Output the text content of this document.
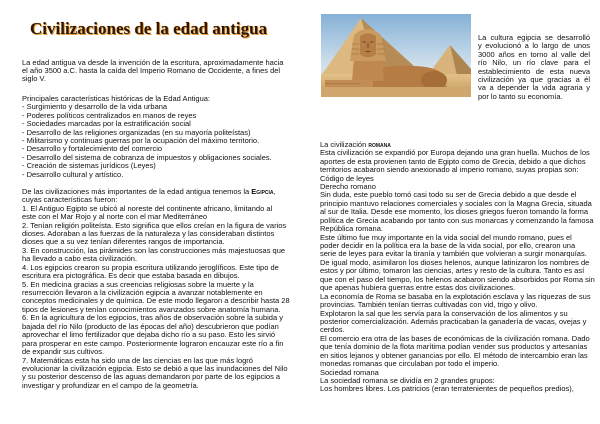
Civilizaciones de la edad antigua
La edad antigua va desde la invención de la escritura, aproximadamente hacia
el año 3500 a.C. hasta la caída del Imperio Romano de Occidente, a fines del
siglo V.
Principales características históricas de la Edad Antigua:
- Surgimiento y desarrollo de la vida urbana
- Poderes políticos centralizados en manos de reyes
- Sociedades marcadas por la estratificación social
- Desarrollo de las religiones organizadas (en su mayoría politeístas)
- Militarismo y continuas guerras por la ocupación del máximo territorio.
- Desarrollo y fortalecimiento del comercio
- Desarrollo del sistema de cobranza de impuestos y obligaciones sociales.
- Creación de sistemas jurídicos (Leyes)
- Desarrollo cultural y artístico.
De las civilizaciones más importantes de la edad antigua tenemos la Egipcia,
cuyas características fueron:
1. El Antiguo Egipto se ubicó al noreste del continente africano, limitando al
este con el Mar Rojo y al norte con el mar Mediterráneo
2. Tenían religión politeísta. Esto significa que ellos creían en la figura de varios
dioses. Adoraban a las fuerzas de la naturaleza y las consideraban distintos
dioses que a su vez tenían diferentes rangos de importancia.
3. En construcción, las pirámides son las construcciones más majestuosas que
ha llevado a cabo esta civilización.
4. Los egipcios crearon su propia escritura utilizando jeroglíficos. Este tipo de
escritura era pictográfica. Es decir que estaba basada en dibujos.
5. En medicina gracias a sus creencias religiosas sobre la muerte y la
resurrección llevaron a la civilización egipcia a avanzar notablemente en
conceptos medicinales y de química. De este modo llegaron a describir hasta 28
tipos de lesiones y tenían conocimientos avanzados sobre anatomía humana.
6. En la agricultura de los egipcios, tras años de observación sobre la subida y
bajada del río Nilo (producto de las épocas del año) descubrieron que podían
aprovechar el limo fertilizador que dejaba dicho río a su paso. Esto les sirvió
para prosperar en este campo. Posteriormente lograron encauzar este río a fin
de expandir sus cultivos.
7. Matemáticas esta ha sido una de las ciencias en las que más logró
evolucionar la civilización egipcia. Esto se debió a que las inundaciones del Nilo
y su posterior descenso de las aguas demandaron por parte de los egipcios a
investigar y profundizar en el campo de la geometría.
La cultura egipcia se desarrolló
y evolucionó a lo largo de unos
3000 años en torno al valle del
río Nilo, un río clave para el
establecimiento de esta nueva
civilización ya que gracias a él
va a depender la vida agraria y
por lo tanto su economía.
La civilización romana
Esta civilización se expandió por Europa dejando una gran huella. Muchos de los
aportes de esta provienen tanto de Egipto como de Grecia, debido a que dichos
territorios acabaron siendo anexionado al imperio romano, suyas propias son:
Código de leyes
Derecho romano
Sin duda, este pueblo tomó casi todo su ser de Grecia debido a que desde el
principio mantuvo relaciones comerciales y sociales con la Magna Grecia, situada
al sur de Italia. Desde ese momento, los dioses griegos fueron tomando la forma
política de Grecia acabando por tanto con sus monarcas y comenzando la famosa
República romana.
Este último fue muy importante en la vida social del mundo romano, pues el
poder decidir en la política era la base de la vida social, por ello, crearon una
serie de leyes para evitar la tiranía y también que volvieran a surgir monarquías.
De igual modo, asimilaron los dioses helenos, aunque latinizaron los nombres de
estos y por último, tomaron las ciencias, artes y resto de la cultura. Tanto es así
que con el paso del tiempo, los helenos acabaron siendo absorbidos por Roma sin
que apenas hubiera guerras entre estas dos civilizaciones.
La economía de Roma se basaba en la explotación esclava y las riquezas de sus
provincias. También tenían tierras cultivadas con vid, trigo y olivo.
Explotaron la sal que les servía para la conservación de los alimentos y su
posterior comercialización. Además practicaban la ganadería de vacas, ovejas y
cerdos.
El comercio era otra de las bases de económicas de la civilización romana. Dado
que tenía dominio de la flota marítima podían vender sus productos y artesanías
en sitios lejanos y obtener ganancias por ello. El método de intercambio eran las
monedas romanas que circulaban por todo el imperio.
Sociedad romana
La sociedad romana se dividía en 2 grandes grupos:
Los hombres libres. Los patricios (eran terratenientes de pequeños predios),
